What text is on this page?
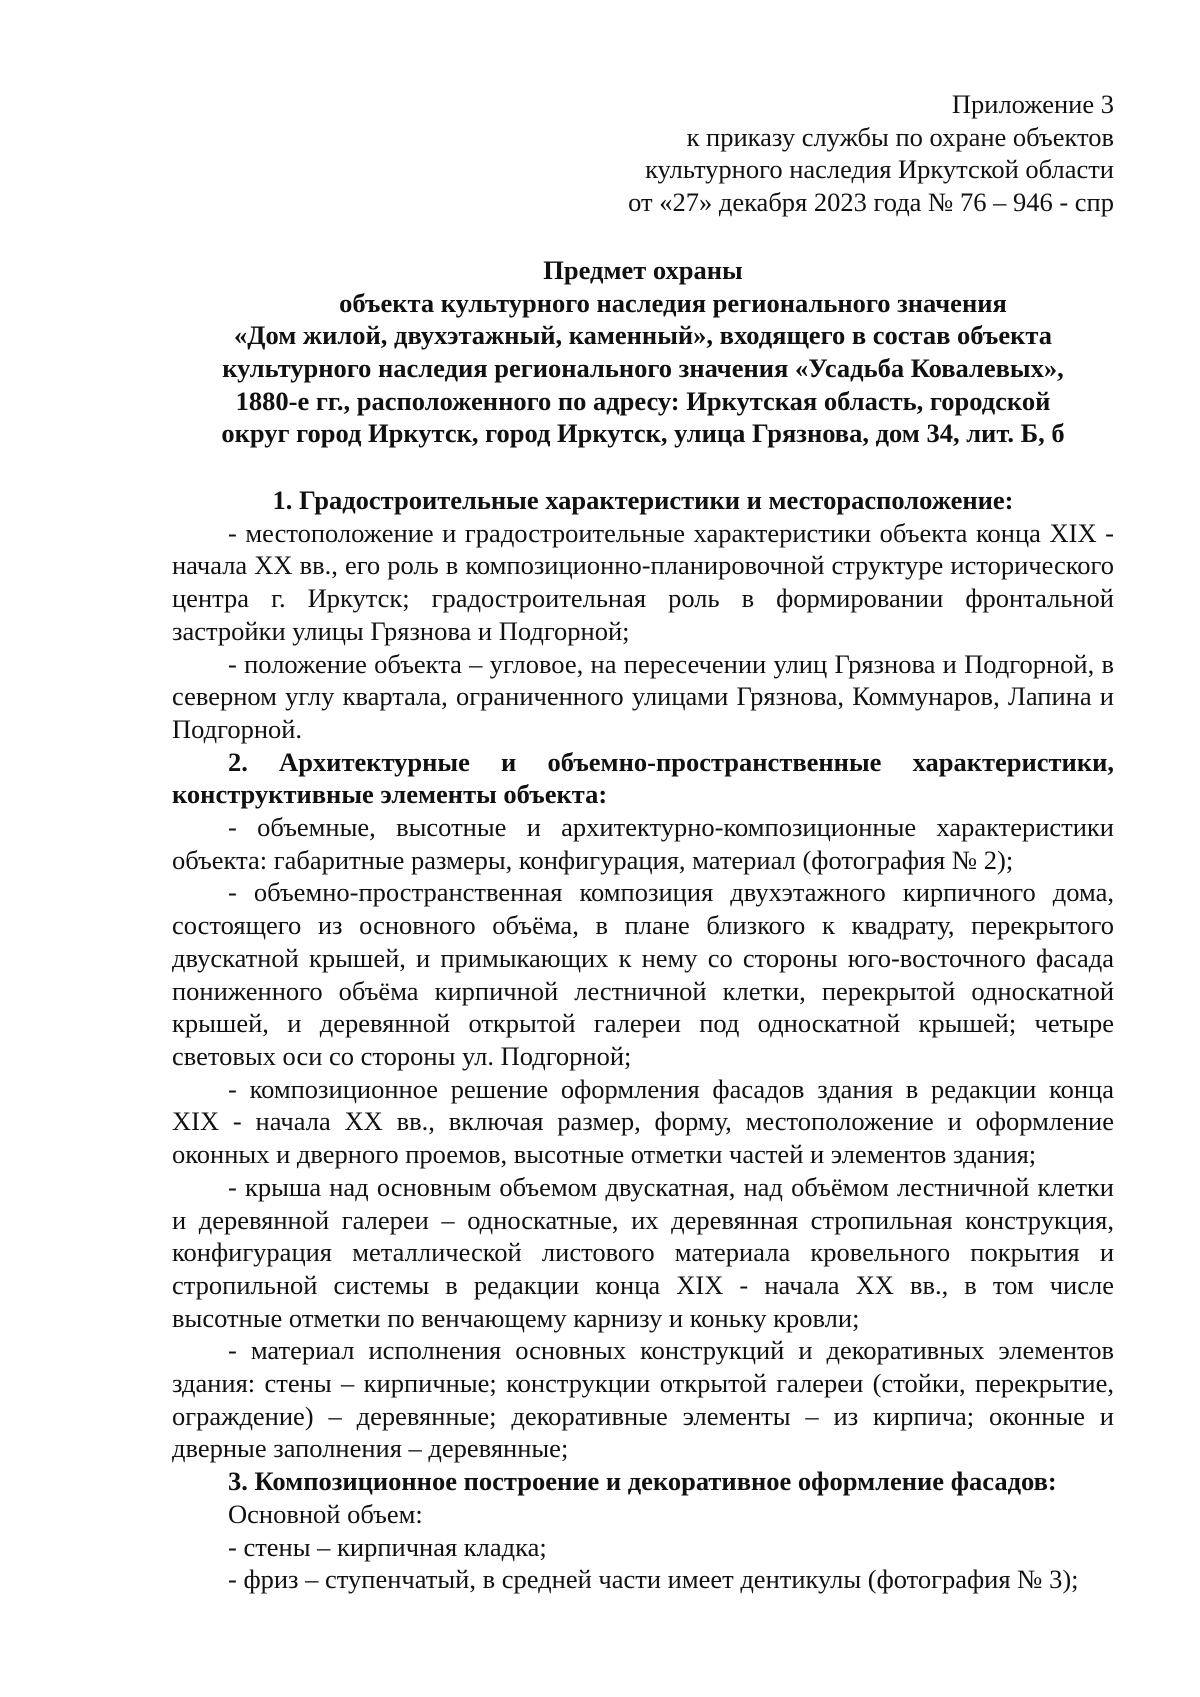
Приложение 3
к приказу службы по охране объектов
культурного наследия Иркутской области
от «27» декабря 2023 года № 76 – 946 - спр
Предмет охраны
объекта культурного наследия регионального значения
«Дом жилой, двухэтажный, каменный», входящего в состав объекта
культурного наследия регионального значения «Усадьба Ковалевых»,
1880-е гг., расположенного по адресу: Иркутская область, городской
округ город Иркутск, город Иркутск, улица Грязнова, дом 34, лит. Б, б

1. Градостроительные характеристики и месторасположение:

- местоположение и градостроительные характеристики объекта конца XIX - начала XX вв., его роль в композиционно-планировочной структуре исторического центра г. Иркутск; градостроительная роль в формировании фронтальной застройки улицы Грязнова и Подгорной;

- положение объекта – угловое, на пересечении улиц Грязнова и Подгорной, в северном углу квартала, ограниченного улицами Грязнова, Коммунаров, Лапина и Подгорной.

2. Архитектурные и объемно-пространственные характеристики, конструктивные элементы объекта:

- объемные, высотные и архитектурно-композиционные характеристики объекта: габаритные размеры, конфигурация, материал (фотография № 2);

- объемно-пространственная композиция двухэтажного кирпичного дома, состоящего из основного объёма, в плане близкого к квадрату, перекрытого двускатной крышей, и примыкающих к нему со стороны юго-восточного фасада пониженного объёма кирпичной лестничной клетки, перекрытой односкатной крышей, и деревянной открытой галереи под односкатной крышей; четыре световых оси со стороны ул. Подгорной;

- композиционное решение оформления фасадов здания в редакции конца XIX - начала XX вв., включая размер, форму, местоположение и оформление оконных и дверного проемов, высотные отметки частей и элементов здания;

- крыша над основным объемом двускатная, над объёмом лестничной клетки и деревянной галереи – односкатные, их деревянная стропильная конструкция, конфигурация металлической листового материала кровельного покрытия и стропильной системы в редакции конца XIX - начала XX вв., в том числе высотные отметки по венчающему карнизу и коньку кровли;

- материал исполнения основных конструкций и декоративных элементов здания: стены – кирпичные; конструкции открытой галереи (стойки, перекрытие, ограждение) – деревянные; декоративные элементы – из кирпича; оконные и дверные заполнения – деревянные;

3. Композиционное построение и декоративное оформление фасадов:

Основной объем:

- стены – кирпичная кладка;

- фриз – ступенчатый, в средней части имеет дентикулы (фотография № 3);
